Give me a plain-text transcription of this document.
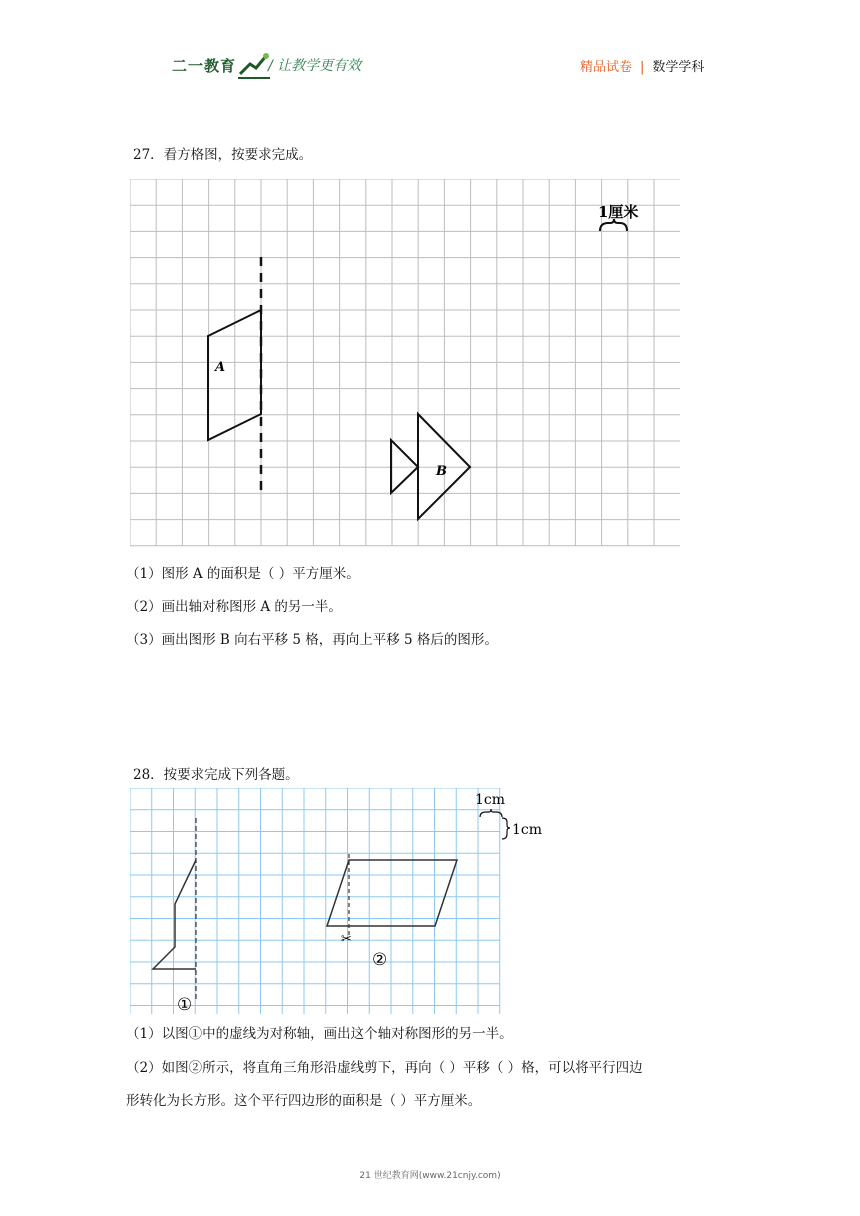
二一教育 / 让教学更有效	精品试卷 | 数学学科
27．看方格图，按要求完成。
1厘米
A
B
（1）图形 A 的面积是（ ）平方厘米。
（2）画出轴对称图形 A 的另一半。
（3）画出图形 B 向右平移 5 格，再向上平移 5 格后的图形。
28．按要求完成下列各题。
1cm
1cm
①
✂
②
（1）以图①中的虚线为对称轴，画出这个轴对称图形的另一半。
（2）如图②所示，将直角三角形沿虚线剪下，再向（ ）平移（ ）格，可以将平行四边
形转化为长方形。这个平行四边形的面积是（ ）平方厘米。
21 世纪教育网(www.21cnjy.com)
